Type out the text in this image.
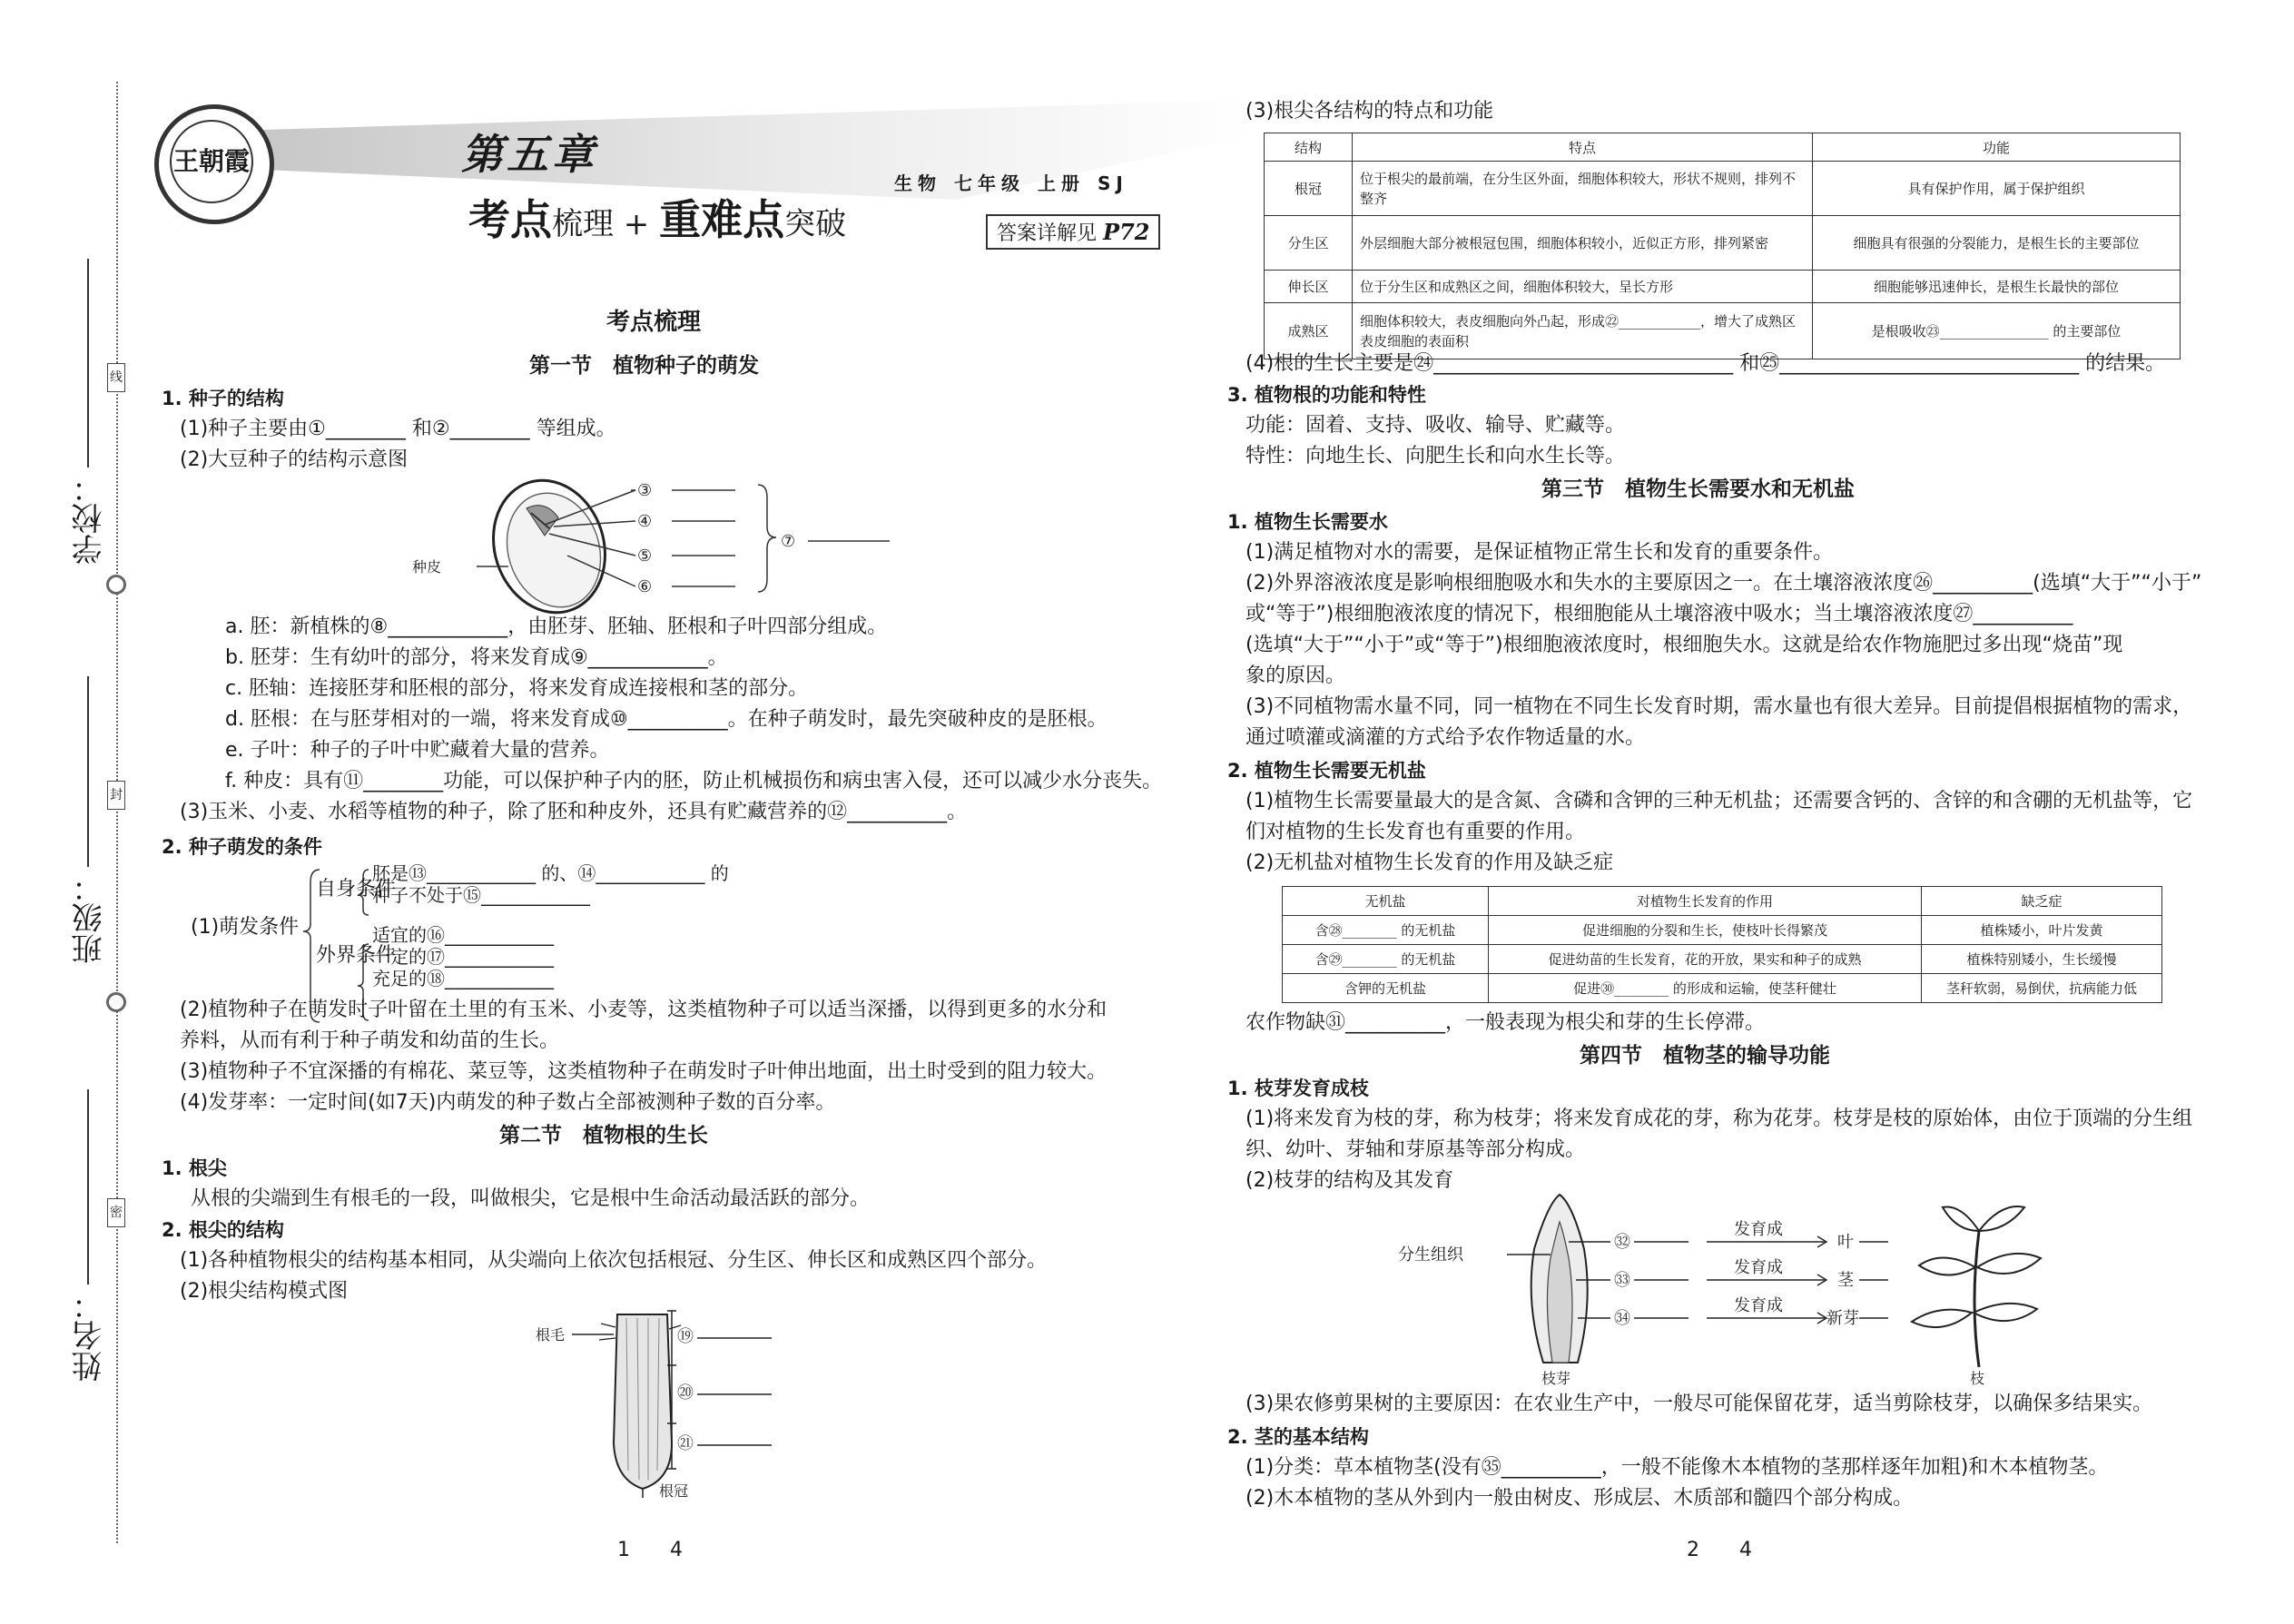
学校：
班级：
姓名：
线
封
密
王朝霞	第五章
考点梳理 + 重难点突破
生物 七年级 上册 SJ
答案详解见 P72
考点梳理
第一节　植物种子的萌发
1. 种子的结构
(1)种子主要由①________ 和②________ 等组成。
(2)大豆种子的结构示意图
③
④
⑤
⑥
⑦
种皮
a. 胚：新植株的⑧____________，由胚芽、胚轴、胚根和子叶四部分组成。
b. 胚芽：生有幼叶的部分，将来发育成⑨____________。
c. 胚轴：连接胚芽和胚根的部分，将来发育成连接根和茎的部分。
d. 胚根：在与胚芽相对的一端，将来发育成⑩__________。在种子萌发时，最先突破种皮的是胚根。
e. 子叶：种子的子叶中贮藏着大量的营养。
f. 种皮：具有⑪________功能，可以保护种子内的胚，防止机械损伤和病虫害入侵，还可以减少水分丧失。
(3)玉米、小麦、水稻等植物的种子，除了胚和种皮外，还具有贮藏营养的⑫__________。
2. 种子萌发的条件
(1)萌发条件
自身条件
胚是⑬____________ 的、⑭____________ 的
种子不处于⑮____________
外界条件
适宜的⑯____________
一定的⑰____________
充足的⑱____________
(2)植物种子在萌发时子叶留在土里的有玉米、小麦等，这类植物种子可以适当深播，以得到更多的水分和
养料，从而有利于种子萌发和幼苗的生长。
(3)植物种子不宜深播的有棉花、菜豆等，这类植物种子在萌发时子叶伸出地面，出土时受到的阻力较大。
(4)发芽率：一定时间(如7天)内萌发的种子数占全部被测种子数的百分率。
第二节　植物根的生长
1. 根尖
从根的尖端到生有根毛的一段，叫做根尖，它是根中生命活动最活跃的部分。
2. 根尖的结构
(1)各种植物根尖的结构基本相同，从尖端向上依次包括根冠、分生区、伸长区和成熟区四个部分。
(2)根尖结构模式图
根毛	⑲
⑳
㉑
根冠
1　　4
(3)根尖各结构的特点和功能
结构	特点	功能
根冠	位于根尖的最前端，在分生区外面，细胞体积较大，形状不规则，排列不整齐	具有保护作用，属于保护组织
分生区	外层细胞大部分被根冠包围，细胞体积较小，近似正方形，排列紧密	细胞具有很强的分裂能力，是根生长的主要部位
伸长区	位于分生区和成熟区之间，细胞体积较大，呈长方形	细胞能够迅速伸长，是根生长最快的部位
成熟区	细胞体积较大，表皮细胞向外凸起，形成㉒____________，增大了成熟区表皮细胞的表面积	是根吸收㉓________________ 的主要部位
(4)根的生长主要是㉔______________________________ 和㉕______________________________ 的结果。
3. 植物根的功能和特性
功能：固着、支持、吸收、输导、贮藏等。
特性：向地生长、向肥生长和向水生长等。
第三节　植物生长需要水和无机盐
1. 植物生长需要水
(1)满足植物对水的需要，是保证植物正常生长和发育的重要条件。
(2)外界溶液浓度是影响根细胞吸水和失水的主要原因之一。在土壤溶液浓度㉖__________(选填“大于”“小于”
或“等于”)根细胞液浓度的情况下，根细胞能从土壤溶液中吸水；当土壤溶液浓度㉗__________
(选填“大于”“小于”或“等于”)根细胞液浓度时，根细胞失水。这就是给农作物施肥过多出现“烧苗”现
象的原因。
(3)不同植物需水量不同，同一植物在不同生长发育时期，需水量也有很大差异。目前提倡根据植物的需求，
通过喷灌或滴灌的方式给予农作物适量的水。
2. 植物生长需要无机盐
(1)植物生长需要量最大的是含氮、含磷和含钾的三种无机盐；还需要含钙的、含锌的和含硼的无机盐等，它
们对植物的生长发育也有重要的作用。
(2)无机盐对植物生长发育的作用及缺乏症
无机盐	对植物生长发育的作用	缺乏症
含㉘________ 的无机盐	促进细胞的分裂和生长，使枝叶长得繁茂	植株矮小，叶片发黄
含㉙________ 的无机盐	促进幼苗的生长发育，花的开放，果实和种子的成熟	植株特别矮小，生长缓慢
含钾的无机盐	促进㉚________ 的形成和运输，使茎秆健壮	茎秆软弱，易倒伏，抗病能力低
农作物缺㉛__________，一般表现为根尖和芽的生长停滞。
第四节　植物茎的输导功能
1. 枝芽发育成枝
(1)将来发育为枝的芽，称为枝芽；将来发育成花的芽，称为花芽。枝芽是枝的原始体，由位于顶端的分生组
织、幼叶、芽轴和芽原基等部分构成。
(2)枝芽的结构及其发育
分生组织
㉜
㉝
㉞
发育成
发育成
发育成
叶
茎
新芽
枝芽	枝
(3)果农修剪果树的主要原因：在农业生产中，一般尽可能保留花芽，适当剪除枝芽，以确保多结果实。
2. 茎的基本结构
(1)分类：草本植物茎(没有㉟__________，一般不能像木本植物的茎那样逐年加粗)和木本植物茎。
(2)木本植物的茎从外到内一般由树皮、形成层、木质部和髓四个部分构成。
2　　4
